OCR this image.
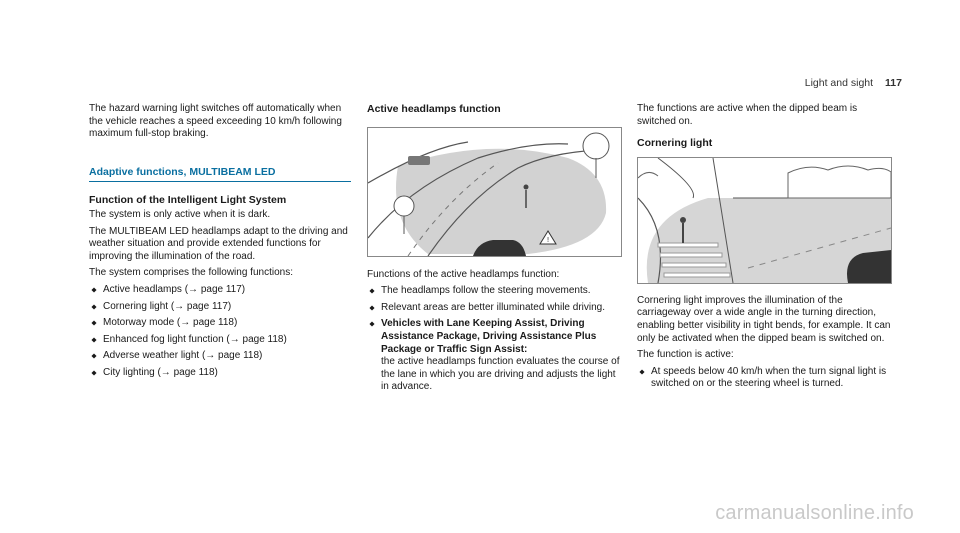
Light and sight 117

The hazard warning light switches off automatically when the vehicle reaches a speed exceeding 10 km/h following maximum full-stop braking.

Adaptive functions, MULTIBEAM LED
Function of the Intelligent Light System

The system is only active when it is dark.

The MULTIBEAM LED headlamps adapt to the driving and weather situation and provide extended functions for improving the illumination of the road.

The system comprises the following functions:

Active headlamps (→ page 117)
Cornering light (→ page 117)
Motorway mode (→ page 118)
Enhanced fog light function (→ page 118)
Adverse weather light (→ page 118)
City lighting (→ page 118)
Active headlamps function
!

Functions of the active headlamps function:

The headlamps follow the steering movements.
Relevant areas are better illuminated while driving.
Vehicles with Lane Keeping Assist, Driving Assistance Package, Driving Assistance Plus Package or Traffic Sign Assist:
the active headlamps function evaluates the course of the lane in which you are driving and adjusts the light in advance.

The functions are active when the dipped beam is switched on.

Cornering light

Cornering light improves the illumination of the carriageway over a wide angle in the turning direction, enabling better visibility in tight bends, for example. It can only be activated when the dipped beam is switched on.

The function is active:

At speeds below 40 km/h when the turn signal light is switched on or the steering wheel is turned.
carmanualsonline.info
